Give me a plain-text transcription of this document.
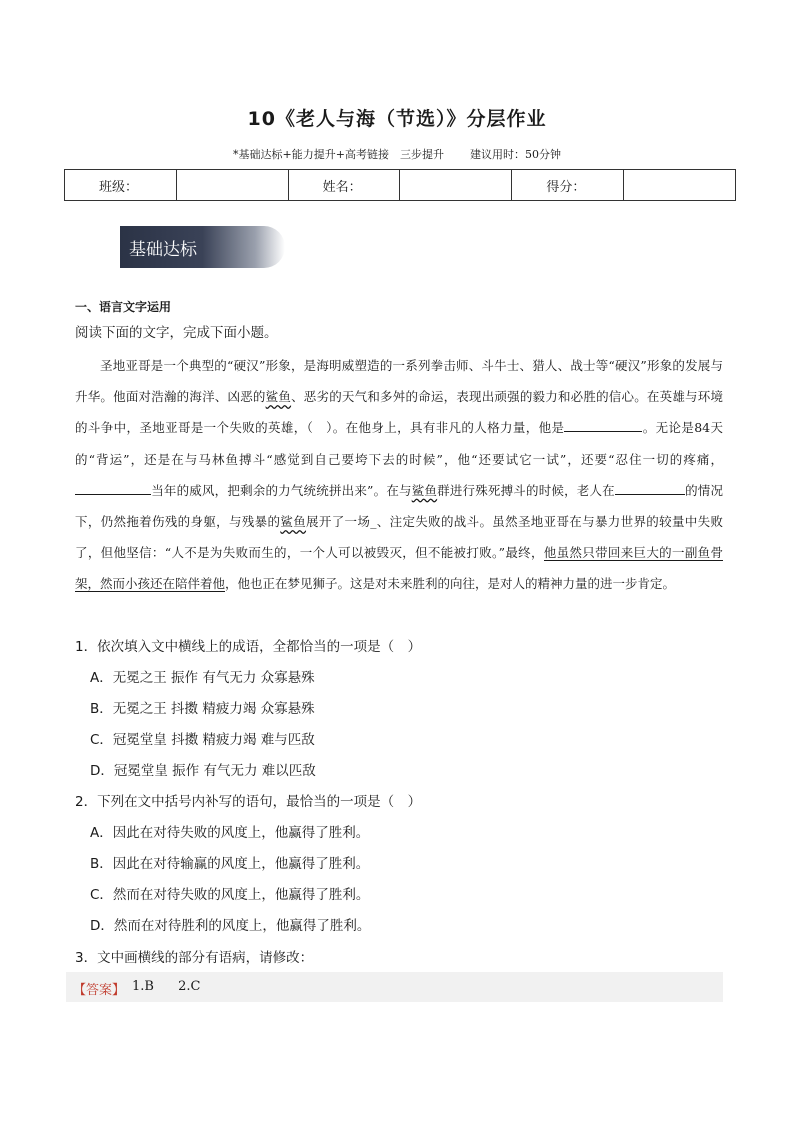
10《老人与海（节选）》分层作业
*基础达标+能力提升+高考链接　三步提升 建议用时：50分钟
班级：		姓名：		得分：	
基础达标
一、语言文字运用
阅读下面的文字，完成下面小题。

圣地亚哥是一个典型的“硬汉”形象，是海明威塑造的一系列拳击师、斗牛士、猎人、战士等“硬汉”形象的发展与升华。他面对浩瀚的海洋、凶恶的鲨鱼、恶劣的天气和多舛的命运，表现出顽强的毅力和必胜的信心。在英雄与环境的斗争中，圣地亚哥是一个失败的英雄，（　）。在他身上，具有非凡的人格力量，他是	。无论是84天的“背运”，还是在与马林鱼搏斗“感觉到自己要垮下去的时候”，他“还要试它一试”，还要“忍住一切的疼痛，当年的威风，把剩余的力气统统拼出来”。在与鲨鱼群进行殊死搏斗的时候，老人在	的情况下，仍然拖着伤残的身躯，与残暴的鲨鱼展开了一场_、注定失败的战斗。虽然圣地亚哥在与暴力世界的较量中失败了，但他坚信：“人不是为失败而生的，一个人可以被毁灭，但不能被打败。”最终，他虽然只带回来巨大的一副鱼骨架，然而小孩还在陪伴着他，他也正在梦见狮子。这是对未来胜利的向往，是对人的精神力量的进一步肯定。

1．依次填入文中横线上的成语，全都恰当的一项是（　）
A．无冕之王 振作 有气无力 众寡悬殊
B．无冕之王 抖擞 精疲力竭 众寡悬殊
C．冠冕堂皇 抖擞 精疲力竭 难与匹敌
D．冠冕堂皇 振作 有气无力 难以匹敌
2．下列在文中括号内补写的语句，最恰当的一项是（　）
A．因此在对待失败的风度上，他赢得了胜利。
B．因此在对待输赢的风度上，他赢得了胜利。
C．然而在对待失败的风度上，他赢得了胜利。
D．然而在对待胜利的风度上，他赢得了胜利。
3．文中画横线的部分有语病，请修改：
【答案】 1.B 2.C
